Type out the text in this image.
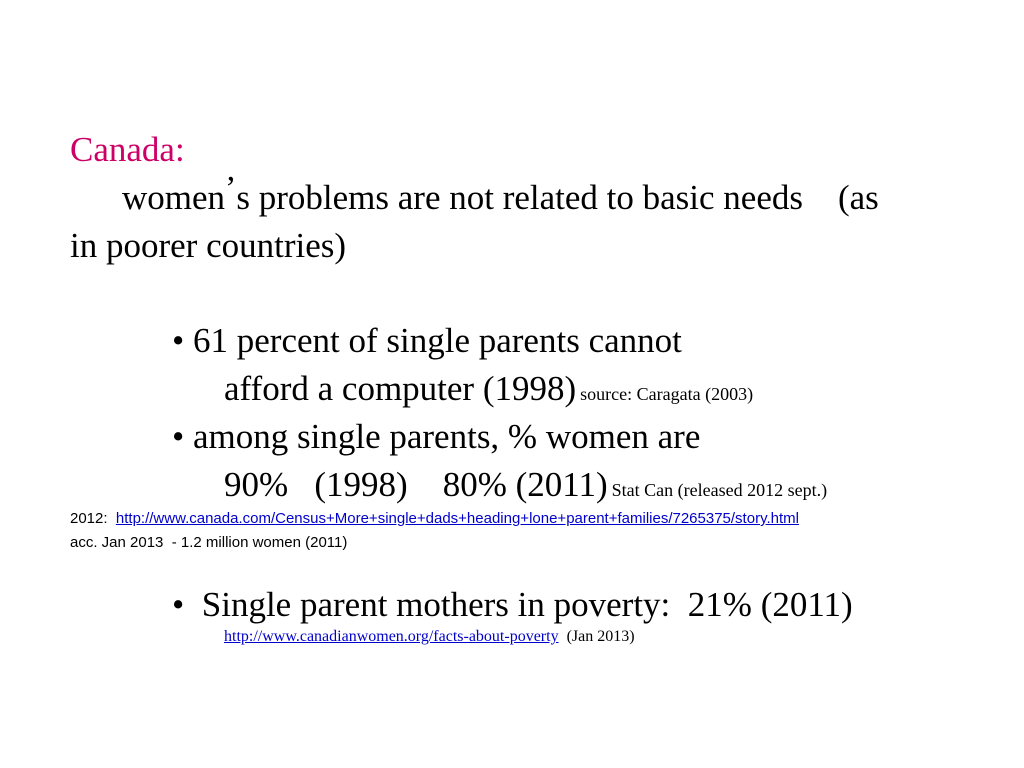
Canada:
women’s problems are not related to basic needs    (as
in poorer countries)
• 61 percent of single parents cannot
afford a computer (1998) source: Caragata (2003)
• among single parents, % women are
90%   (1998)    80% (2011) Stat Can (released 2012 sept.)
2012: http://www.canada.com/Census+More+single+dads+heading+lone+parent+families/7265375/story.html
acc. Jan 2013  - 1.2 million women (2011)
• Single parent mothers in poverty:  21% (2011)
http://www.canadianwomen.org/facts-about-poverty (Jan 2013)
